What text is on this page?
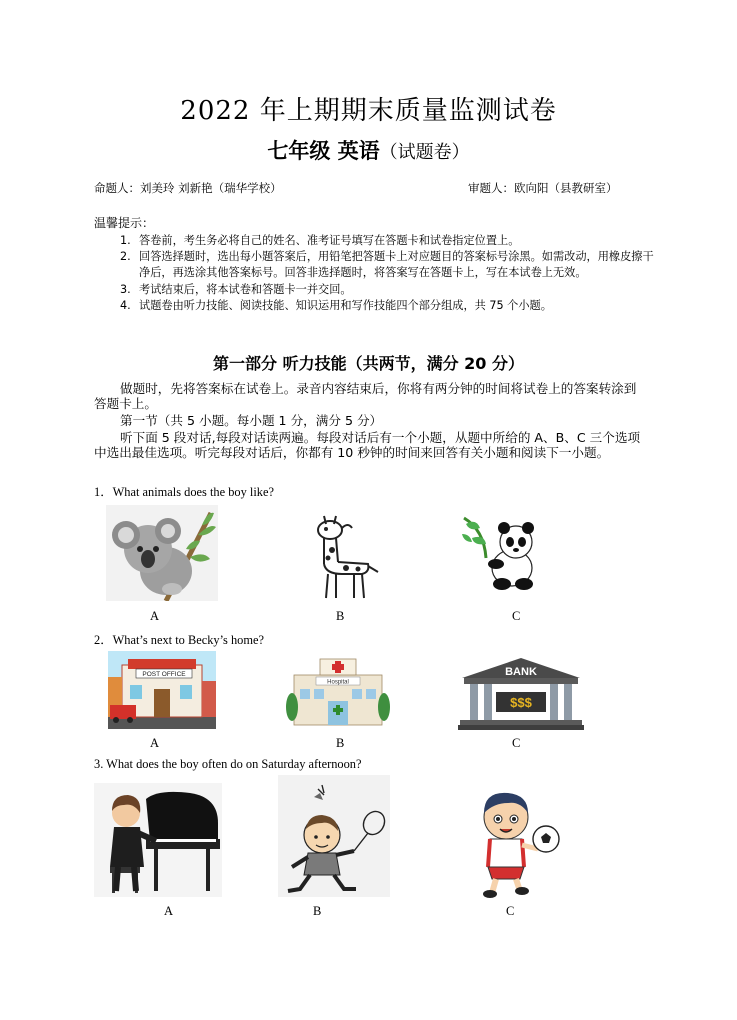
2022 年上期期末质量监测试卷
七年级 英语（试题卷）
命题人：刘美玲 刘新艳（瑞华学校）	审题人：欧向阳（县教研室）
温馨提示：
1. 答卷前，考生务必将自己的姓名、准考证号填写在答题卡和试卷指定位置上。
2. 回答选择题时，选出每小题答案后，用铅笔把答题卡上对应题目的答案标号涂黑。如需改动，用橡皮擦干净后，再选涂其他答案标号。回答非选择题时，将答案写在答题卡上，写在本试卷上无效。
3. 考试结束后，将本试卷和答题卡一并交回。
4. 试题卷由听力技能、阅读技能、知识运用和写作技能四个部分组成，共 75 个小题。
第一部分 听力技能（共两节，满分 20 分）
做题时，先将答案标在试卷上。录音内容结束后，你将有两分钟的时间将试卷上的答案转涂到答题卡上。
第一节（共 5 小题。每小题 1 分，满分 5 分）
听下面 5 段对话,每段对话读两遍。每段对话后有一个小题，从题中所给的 A、B、C 三个选项中选出最佳选项。听完每段对话后，你都有 10 秒钟的时间来回答有关小题和阅读下一小题。
1．What animals does the boy like?
A	B	C
2．What’s next to Becky’s home?
POST OFFICE
Hospital
BANK
$$$
A	B	C
3. What does the boy often do on Saturday afternoon?
A	B	C
